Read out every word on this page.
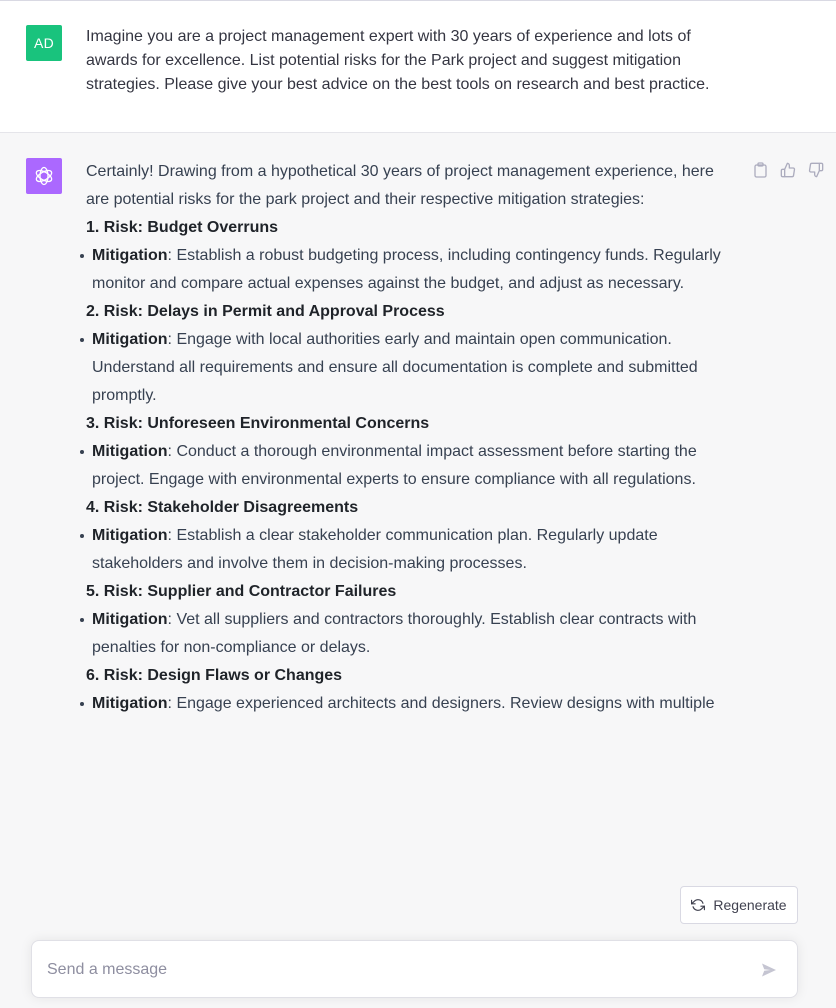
AD	Imagine you are a project management expert with 30 years of experience and lots of awards for excellence. List potential risks for the Park project and suggest mitigation strategies. Please give your best advice on the best tools on research and best practice.

Certainly! Drawing from a hypothetical 30 years of project management experience, here are potential risks for the park project and their respective mitigation strategies:

1. Risk: Budget Overruns

Mitigation: Establish a robust budgeting process, including contingency funds. Regularly monitor and compare actual expenses against the budget, and adjust as necessary.

2. Risk: Delays in Permit and Approval Process

Mitigation: Engage with local authorities early and maintain open communication. Understand all requirements and ensure all documentation is complete and submitted promptly.

3. Risk: Unforeseen Environmental Concerns

Mitigation: Conduct a thorough environmental impact assessment before starting the project. Engage with environmental experts to ensure compliance with all regulations.

4. Risk: Stakeholder Disagreements

Mitigation: Establish a clear stakeholder communication plan. Regularly update stakeholders and involve them in decision-making processes.

5. Risk: Supplier and Contractor Failures

Mitigation: Vet all suppliers and contractors thoroughly. Establish clear contracts with penalties for non-compliance or delays.

6. Risk: Design Flaws or Changes

Mitigation: Engage experienced architects and designers. Review designs with multiple

Regenerate
Send a message
